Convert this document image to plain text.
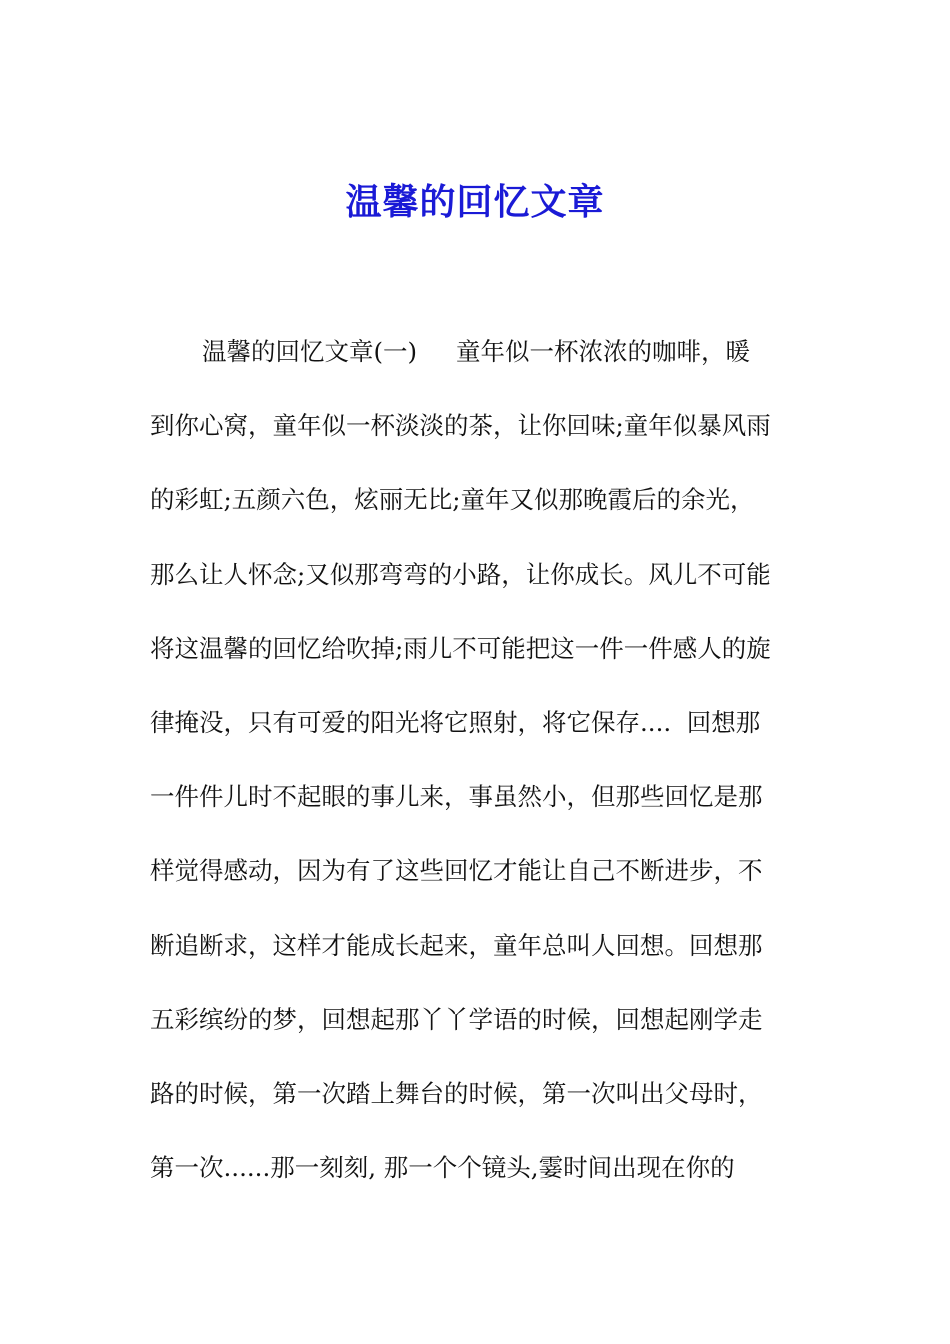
温馨的回忆文章
温馨的回忆文章(一)     童年似一杯浓浓的咖啡，暖
到你心窝，童年似一杯淡淡的茶，让你回味;童年似暴风雨
的彩虹;五颜六色，炫丽无比;童年又似那晚霞后的余光，
那么让人怀念;又似那弯弯的小路，让你成长。风儿不可能
将这温馨的回忆给吹掉;雨儿不可能把这一件一件感人的旋
律掩没，只有可爱的阳光将它照射，将它保存....  回想那
一件件儿时不起眼的事儿来，事虽然小，但那些回忆是那
样觉得感动，因为有了这些回忆才能让自己不断进步，不
断追断求，这样才能成长起来，童年总叫人回想。回想那
五彩缤纷的梦，回想起那丫丫学语的时候，回想起刚学走
路的时候，第一次踏上舞台的时候，第一次叫出父母时，
第一次......那一刻刻, 那一个个镜头,霎时间出现在你的
